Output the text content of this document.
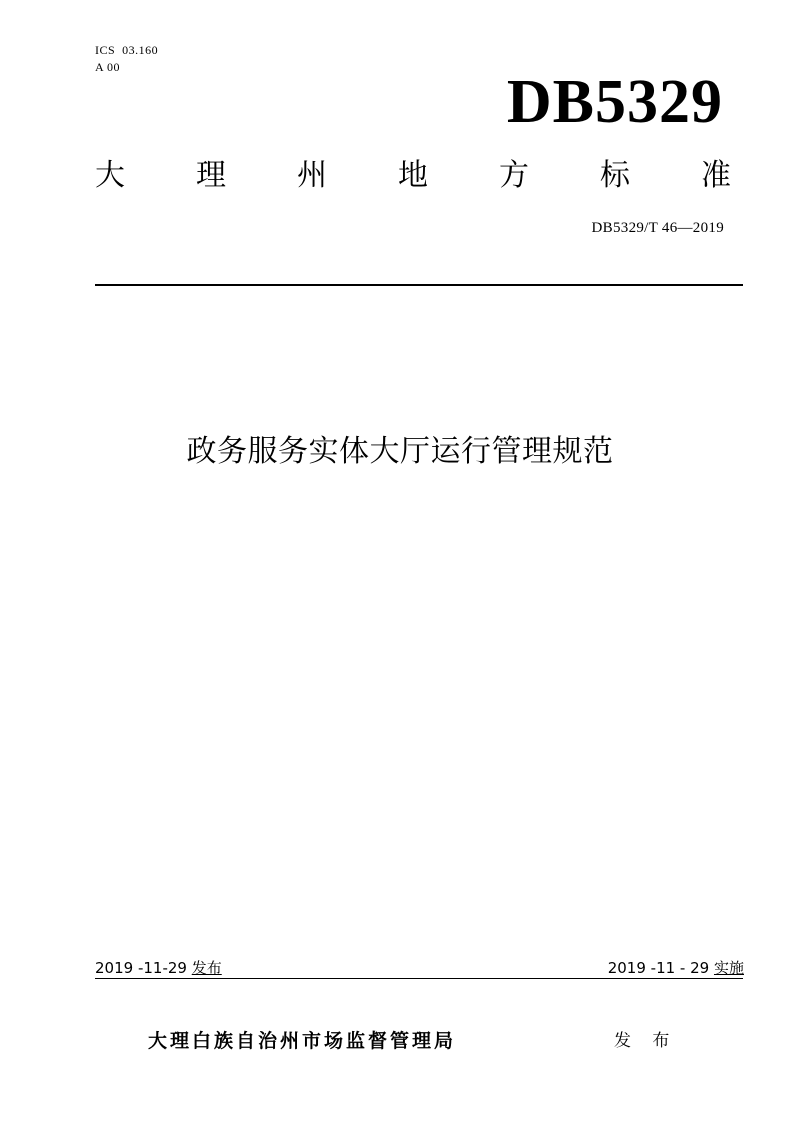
ICS  03.160
A 00
DB5329
大 理 州 地 方 标 准
DB5329/T 46—2019
政务服务实体大厅运行管理规范
2019 -11-29 发布	2019 -11 - 29 实施
大理白族自治州市场监督管理局	发 布
